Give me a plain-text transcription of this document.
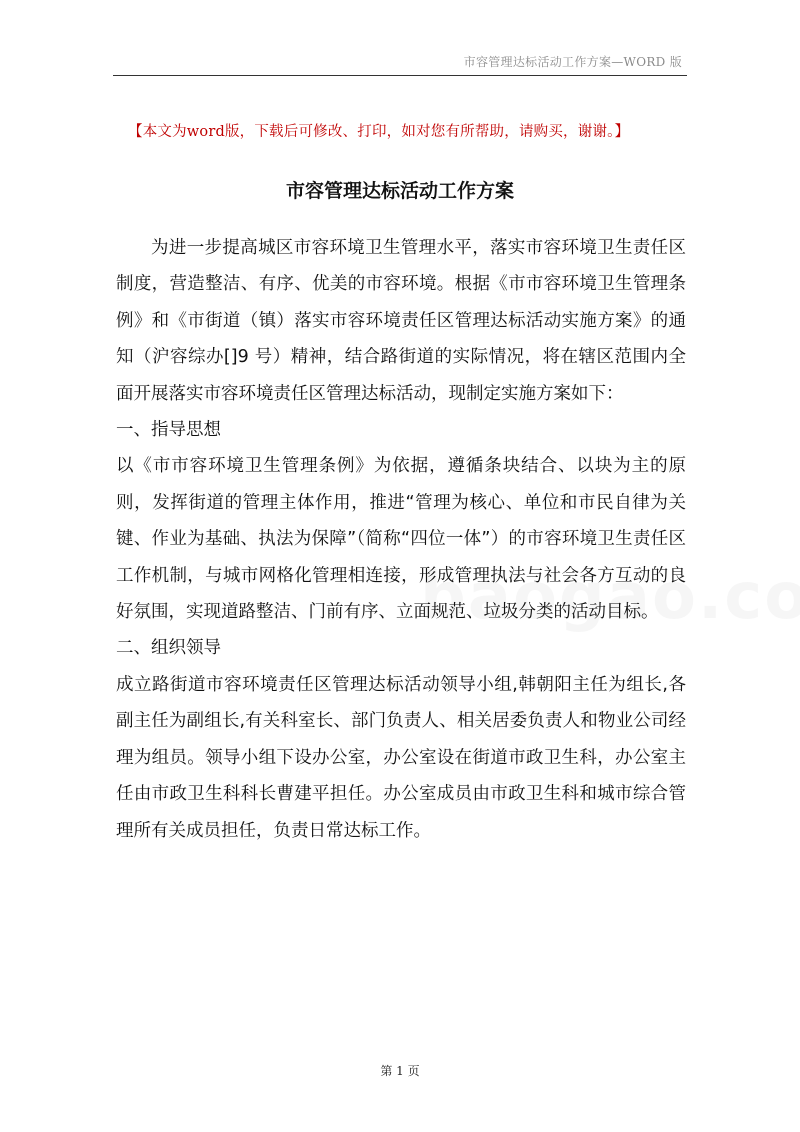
市容管理达标活动工作方案—WORD 版
【本文为word版，下载后可修改、打印，如对您有所帮助，请购买，谢谢。】
市容管理达标活动工作方案

为进一步提高城区市容环境卫生管理水平，落实市容环境卫生责任区制度，营造整洁、有序、优美的市容环境。根据《市市容环境卫生管理条例》和《市街道（镇）落实市容环境责任区管理达标活动实施方案》的通知（沪容综办[]9 号）精神，结合路街道的实际情况，将在辖区范围内全面开展落实市容环境责任区管理达标活动，现制定实施方案如下：

一、指导思想

以《市市容环境卫生管理条例》为依据，遵循条块结合、以块为主的原则，发挥街道的管理主体作用，推进“管理为核心、单位和市民自律为关键、作业为基础、执法为保障”（简称“四位一体”）的市容环境卫生责任区工作机制，与城市网格化管理相连接，形成管理执法与社会各方互动的良好氛围，实现道路整洁、门前有序、立面规范、垃圾分类的活动目标。

二、组织领导

成立路街道市容环境责任区管理达标活动领导小组,韩朝阳主任为组长,各副主任为副组长,有关科室长、部门负责人、相关居委负责人和物业公司经理为组员。领导小组下设办公室，办公室设在街道市政卫生科，办公室主任由市政卫生科科长曹建平担任。办公室成员由市政卫生科和城市综合管理所有关成员担任，负责日常达标工作。

第 1 页
